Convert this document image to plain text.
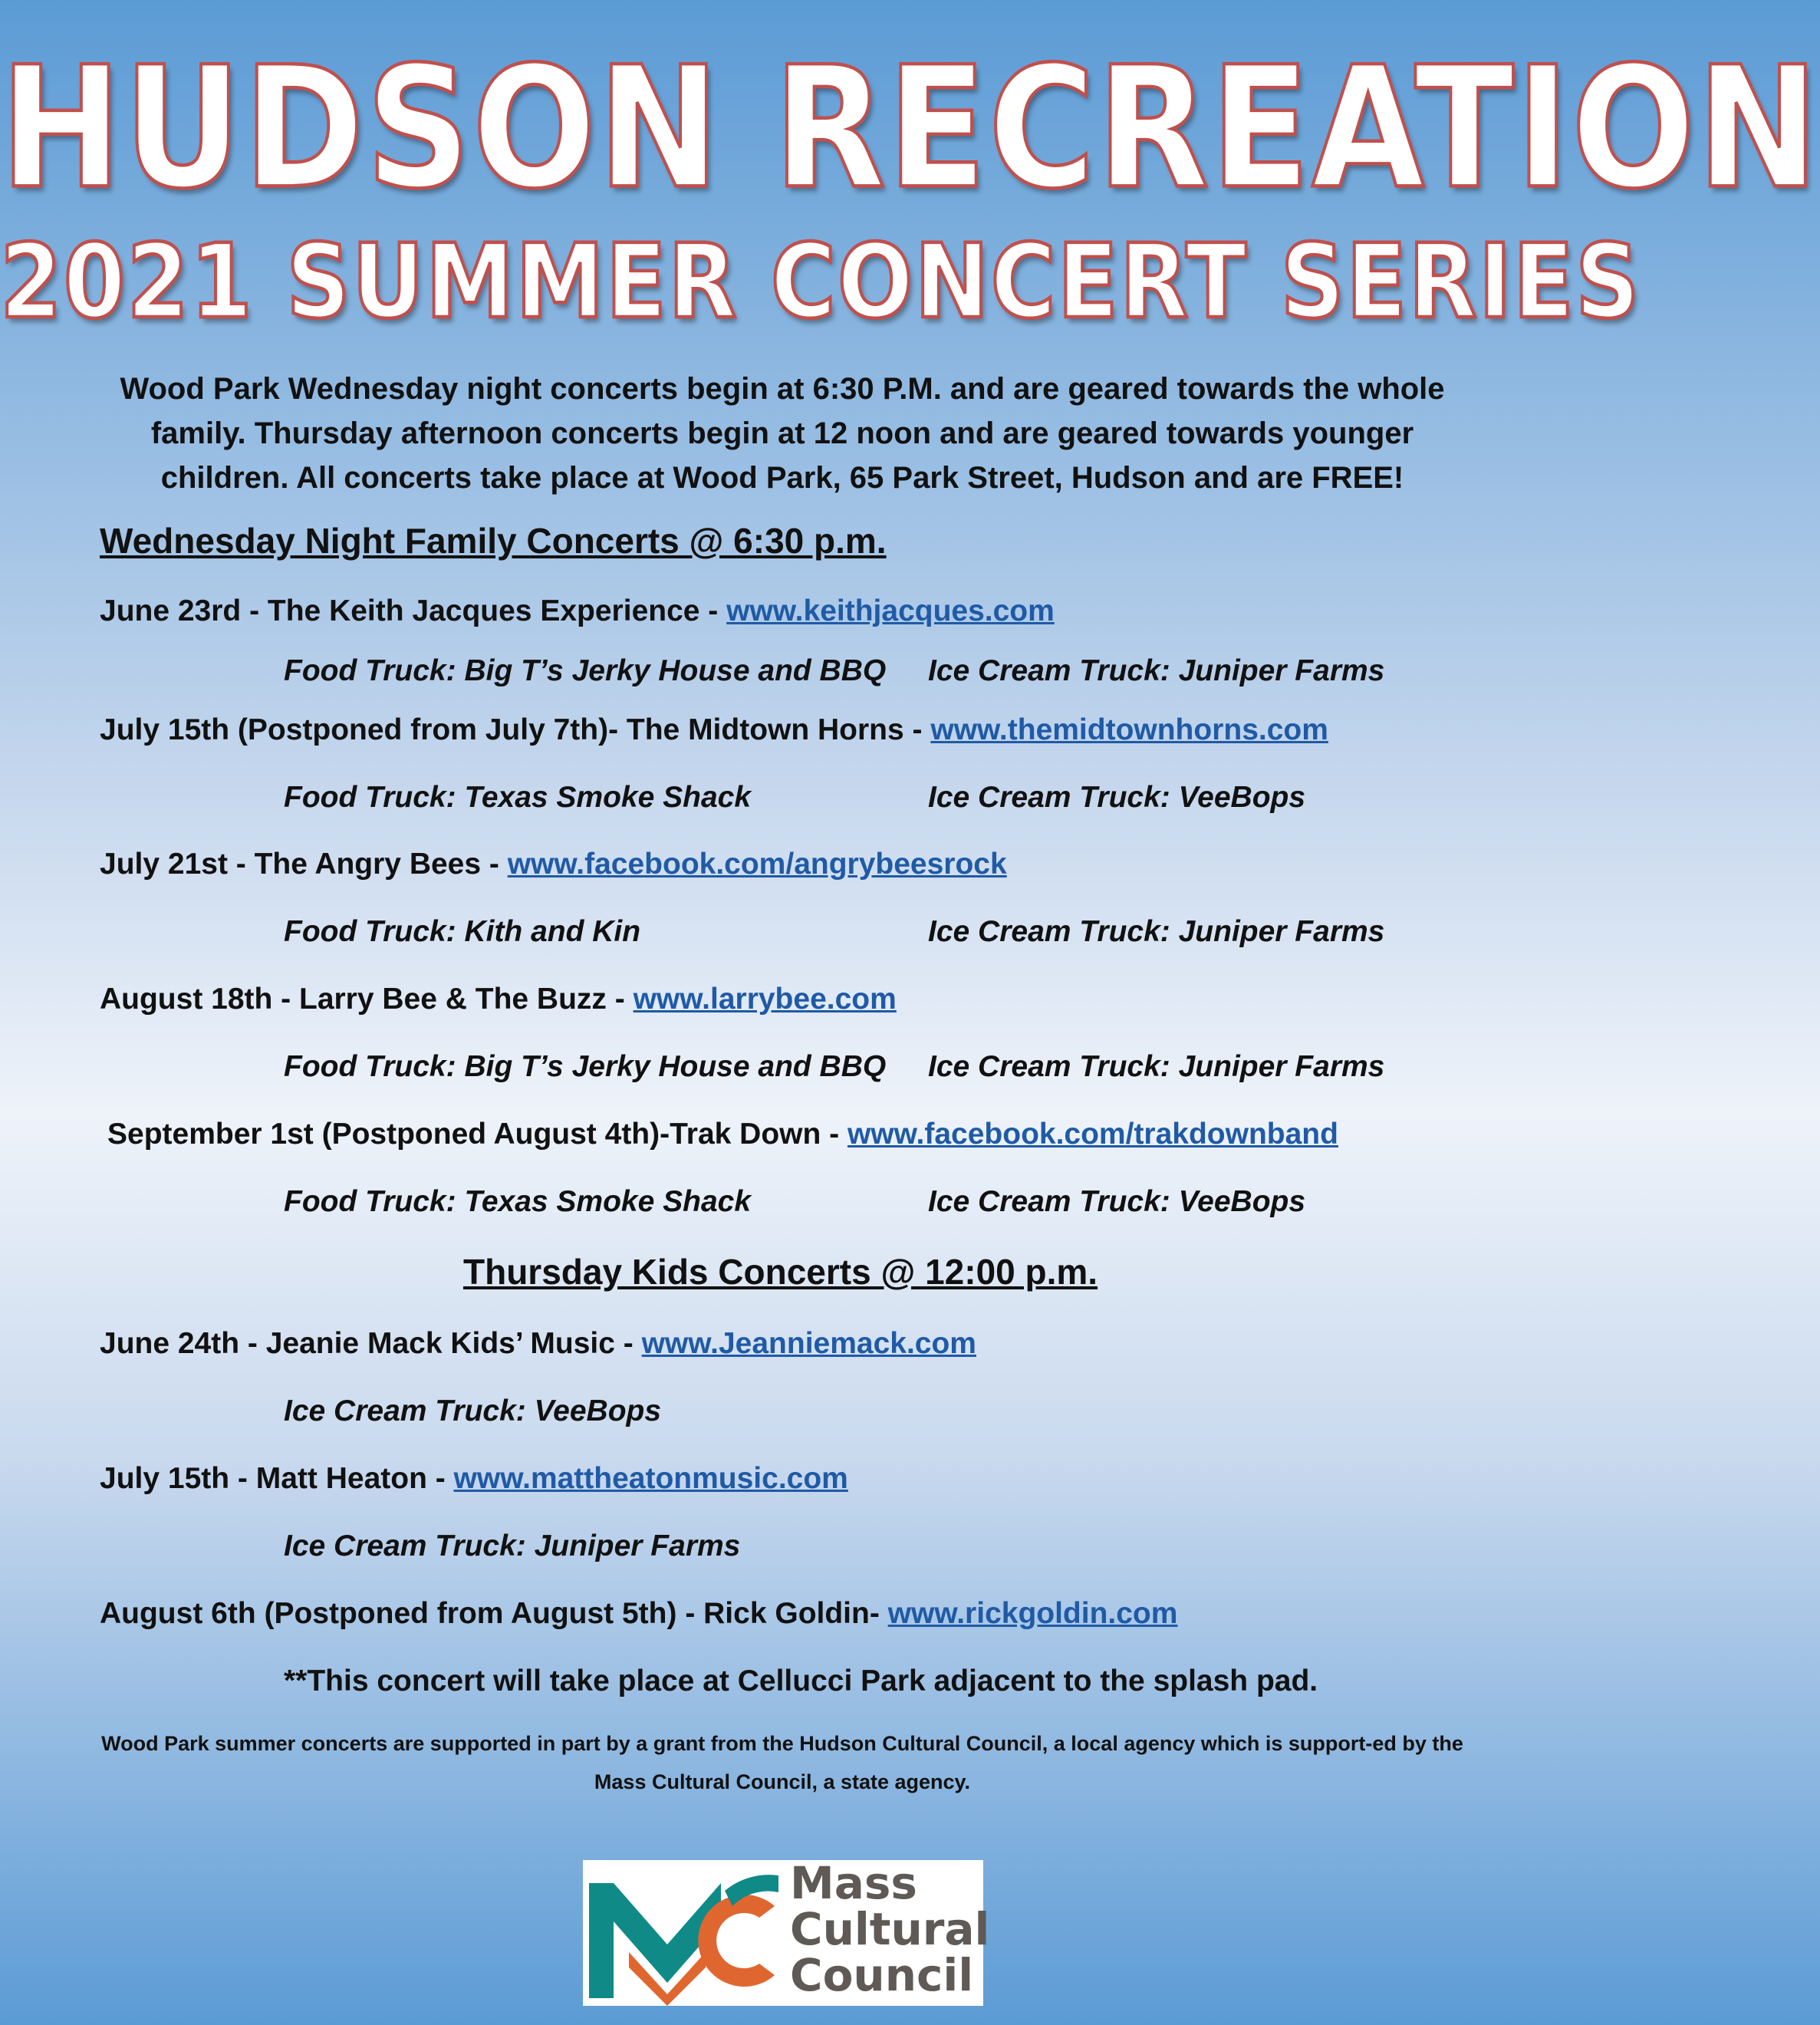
HUDSON RECREATION
2021 SUMMER CONCERT SERIES
Wood Park Wednesday night concerts begin at 6:30 P.M. and are geared towards the whole family. Thursday afternoon concerts begin at 12 noon and are geared towards younger children. All concerts take place at Wood Park, 65 Park Street, Hudson and are FREE!
Wednesday Night Family Concerts @ 6:30 p.m.
June 23rd - The Keith Jacques Experience - www.keithjacques.com
Food Truck: Big T’s Jerky House and BBQ Ice Cream Truck: Juniper Farms
July 15th (Postponed from July 7th)- The Midtown Horns - www.themidtownhorns.com
Food Truck: Texas Smoke Shack	Ice Cream Truck: VeeBops
July 21st - The Angry Bees - www.facebook.com/angrybeesrock
Food Truck: Kith and Kin	Ice Cream Truck: Juniper Farms
August 18th - Larry Bee & The Buzz - www.larrybee.com
Food Truck: Big T’s Jerky House and BBQ Ice Cream Truck: Juniper Farms
September 1st (Postponed August 4th)-Trak Down - www.facebook.com/trakdownband
Food Truck: Texas Smoke Shack	Ice Cream Truck: VeeBops
Thursday Kids Concerts @ 12:00 p.m.
June 24th - Jeanie Mack Kids’ Music - www.Jeanniemack.com
Ice Cream Truck: VeeBops
July 15th - Matt Heaton - www.mattheatonmusic.com
Ice Cream Truck: Juniper Farms
August 6th (Postponed from August 5th) - Rick Goldin- www.rickgoldin.com
**This concert will take place at Cellucci Park adjacent to the splash pad.
Wood Park summer concerts are supported in part by a grant from the Hudson Cultural Council, a local agency which is support-ed by the Mass Cultural Council, a state agency.
Mass
Cultural
Council
